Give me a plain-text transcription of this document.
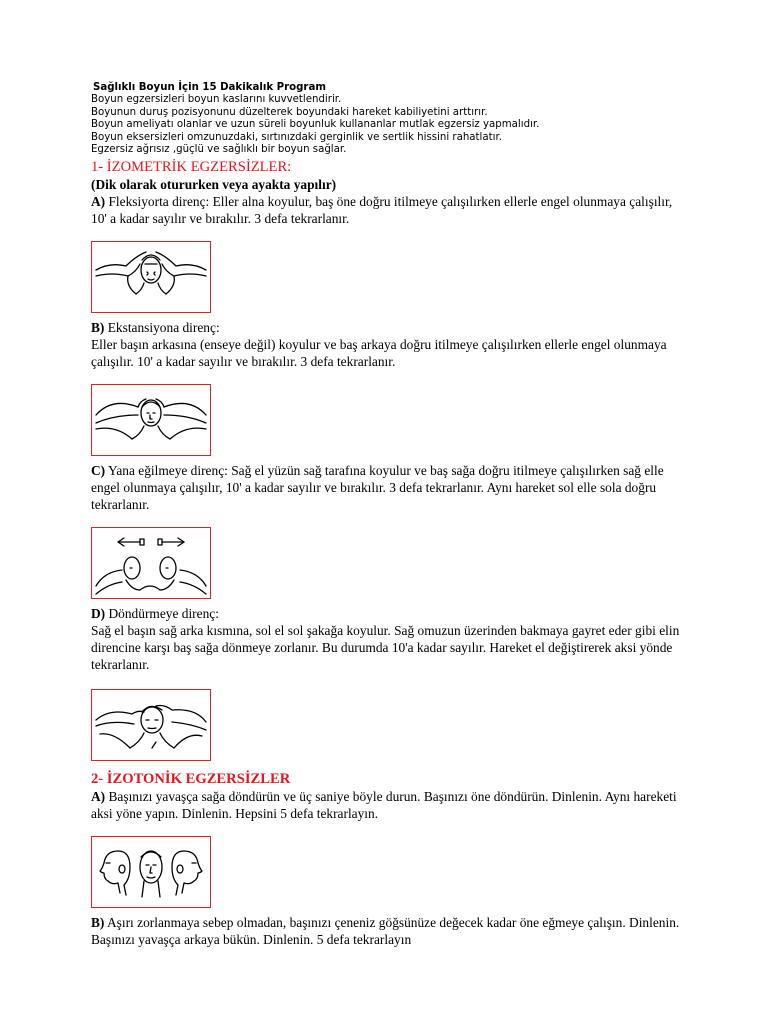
Sağlıklı Boyun İçin 15 Dakikalık Program
Boyun egzersizleri boyun kaslarını kuvvetlendirir.
Boyunun duruş pozisyonunu düzelterek boyundaki hareket kabiliyetini arttırır.
Boyun ameliyatı olanlar ve uzun süreli boyunluk kullananlar mutlak egzersiz yapmalıdır.
Boyun eksersizleri omzunuzdaki, sırtınızdaki gerginlik ve sertlik hissini rahatlatır.
Egzersiz ağrısız ,güçlü ve sağlıklı bir boyun sağlar.
1- İZOMETRİK EGZERSİZLER:
(Dik olarak otururken veya ayakta yapılır)

A) Fleksiyorta direnç: Eller alna koyulur, baş öne doğru itilmeye çalışılırken ellerle engel olunmaya çalışılır, 10' a kadar sayılır ve bırakılır. 3 defa tekrarlanır.

B) Ekstansiyona direnç:
Eller başın arkasına (enseye değil) koyulur ve baş arkaya doğru itilmeye çalışılırken ellerle engel olunmaya çalışılır. 10' a kadar sayılır ve bırakılır. 3 defa tekrarlanır.

C) Yana eğilmeye direnç: Sağ el yüzün sağ tarafına koyulur ve baş sağa doğru itilmeye çalışılırken sağ elle engel olunmaya çalışılır, 10' a kadar sayılır ve bırakılır. 3 defa tekrarlanır. Aynı hareket sol elle sola doğru tekrarlanır.

D) Döndürmeye direnç:
Sağ el başın sağ arka kısmına, sol el sol şakağa koyulur. Sağ omuzun üzerinden bakmaya gayret eder gibi elin direncine karşı baş sağa dönmeye zorlanır. Bu durumda 10'a kadar sayılır. Hareket el değiştirerek aksi yönde tekrarlanır.

2- İZOTONİK EGZERSİZLER

A) Başınızı yavaşça sağa döndürün ve üç saniye böyle durun. Başınızı öne döndürün. Dinlenin. Aynı hareketi aksi yöne yapın. Dinlenin. Hepsini 5 defa tekrarlayın.

B) Aşırı zorlanmaya sebep olmadan, başınızı çeneniz göğsünüze değecek kadar öne eğmeye çalışın. Dinlenin. Başınızı yavaşça arkaya bükün. Dinlenin. 5 defa tekrarlayın
